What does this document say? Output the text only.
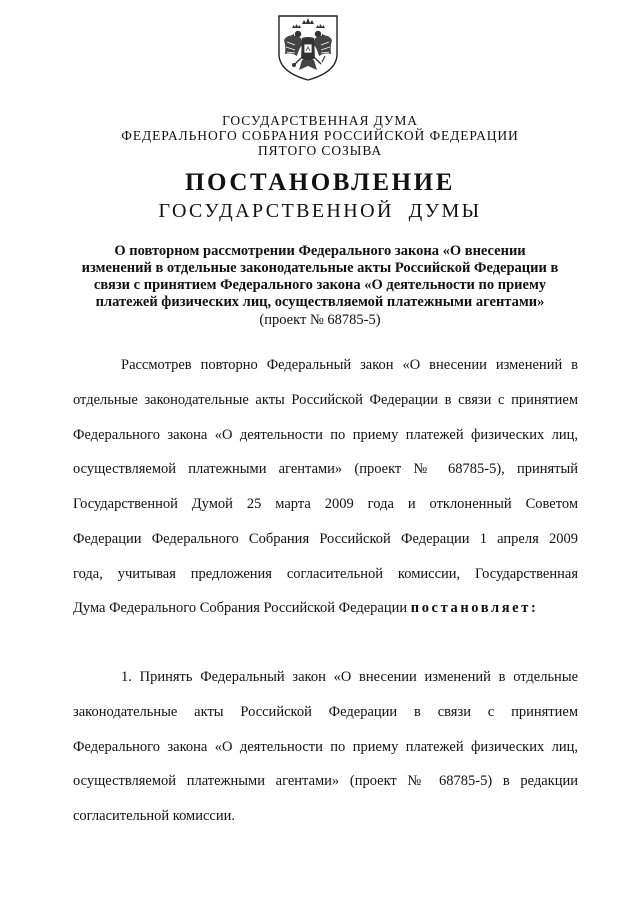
ГОСУДАРСТВЕННАЯ ДУМА
ФЕДЕРАЛЬНОГО СОБРАНИЯ РОССИЙСКОЙ ФЕДЕРАЦИИ
ПЯТОГО СОЗЫВА
ПОСТАНОВЛЕНИЕ
ГОСУДАРСТВЕННОЙ  ДУМЫ
О повторном рассмотрении Федерального закона «О внесении
изменений в отдельные законодательные акты Российской Федерации в
связи с принятием Федерального закона «О деятельности по приему
платежей физических лиц, осуществляемой платежными агентами»
(проект № 68785-5)
Рассмотрев повторно Федеральный закон «О внесении изменений в
отдельные законодательные акты Российской Федерации в связи с принятием
Федерального закона «О деятельности по приему платежей физических лиц,
осуществляемой платежными агентами» (проект № 68785-5), принятый
Государственной Думой 25 марта 2009 года и отклоненный Советом
Федерации Федерального Собрания Российской Федерации 1 апреля 2009
года, учитывая предложения согласительной комиссии, Государственная
Дума Федерального Собрания Российской Федерации постановляет:
1. Принять Федеральный закон «О внесении изменений в отдельные
законодательные акты Российской Федерации в связи с принятием
Федерального закона «О деятельности по приему платежей физических лиц,
осуществляемой платежными агентами» (проект № 68785-5) в редакции
согласительной комиссии.
